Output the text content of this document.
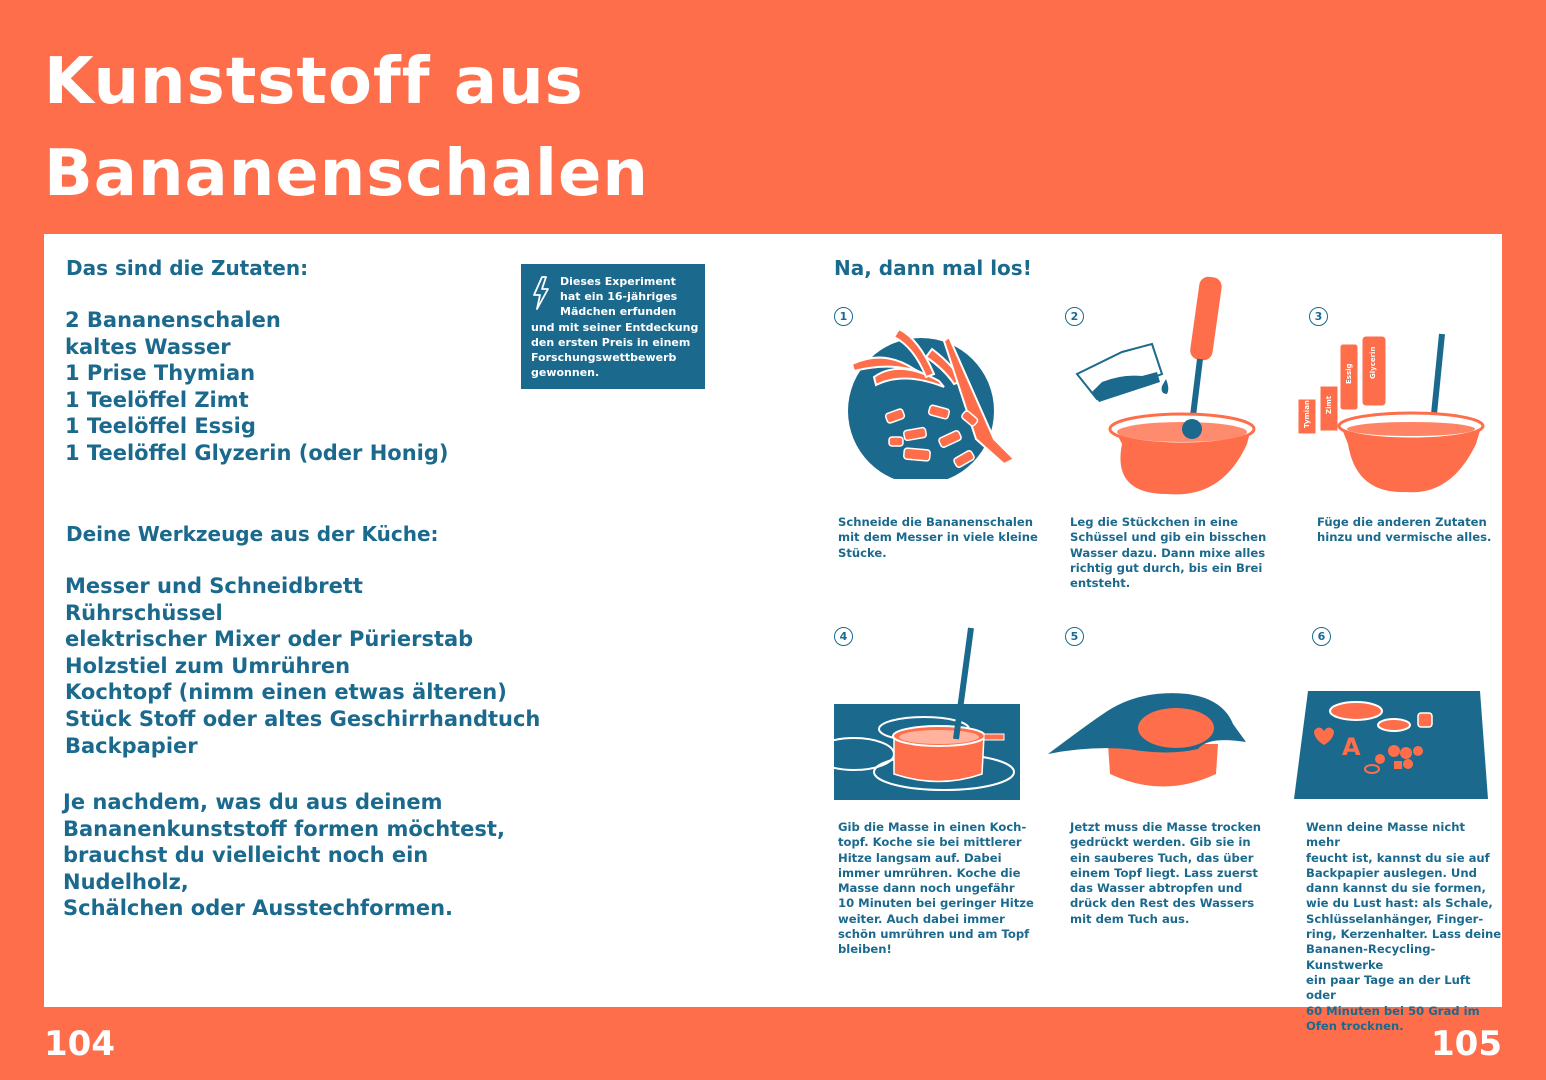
Kunststoff aus
Bananenschalen
Das sind die Zutaten:
2 Bananenschalen
kaltes Wasser
1 Prise Thymian
1 Teelöffel Zimt
1 Teelöffel Essig
1 Teelöffel Glyzerin (oder Honig)
Deine Werkzeuge aus der Küche:
Messer und Schneidbrett
Rührschüssel
elektrischer Mixer oder Pürierstab
Holzstiel zum Umrühren
Kochtopf (nimm einen etwas älteren)
Stück Stoff oder altes Geschirrhandtuch
Backpapier
Je nachdem, was du aus deinem
Bananenkunststoff formen möchtest,
brauchst du vielleicht noch ein Nudelholz,
Schälchen oder Ausstechformen.
Dieses Experiment
hat ein 16-jähriges
Mädchen erfunden
und mit seiner Entdeckung
den ersten Preis in einem
Forschungswettbewerb
gewonnen.
Na, dann mal los!
1
Schneide die Bananenschalen
mit dem Messer in viele kleine
Stücke.
2
Leg die Stückchen in eine
Schüssel und gib ein bisschen
Wasser dazu. Dann mixe alles
richtig gut durch, bis ein Brei
entsteht.
3
Tymian Zimt
Essig Glycerin
Füge die anderen Zutaten
hinzu und vermische alles.
4
Gib die Masse in einen Koch-
topf. Koche sie bei mittlerer
Hitze langsam auf. Dabei
immer umrühren. Koche die
Masse dann noch ungefähr
10 Minuten bei geringer Hitze
weiter. Auch dabei immer
schön umrühren und am Topf
bleiben!
5
Jetzt muss die Masse trocken
gedrückt werden. Gib sie in
ein sauberes Tuch, das über
einem Topf liegt. Lass zuerst
das Wasser abtropfen und
drück den Rest des Wassers
mit dem Tuch aus.
6
A
Wenn deine Masse nicht mehr
feucht ist, kannst du sie auf
Backpapier auslegen. Und
dann kannst du sie formen,
wie du Lust hast: als Schale,
Schlüsselanhänger, Finger-
ring, Kerzenhalter. Lass deine
Bananen-Recycling-Kunstwerke
ein paar Tage an der Luft oder
60 Minuten bei 50 Grad im
Ofen trocknen.
104	105
